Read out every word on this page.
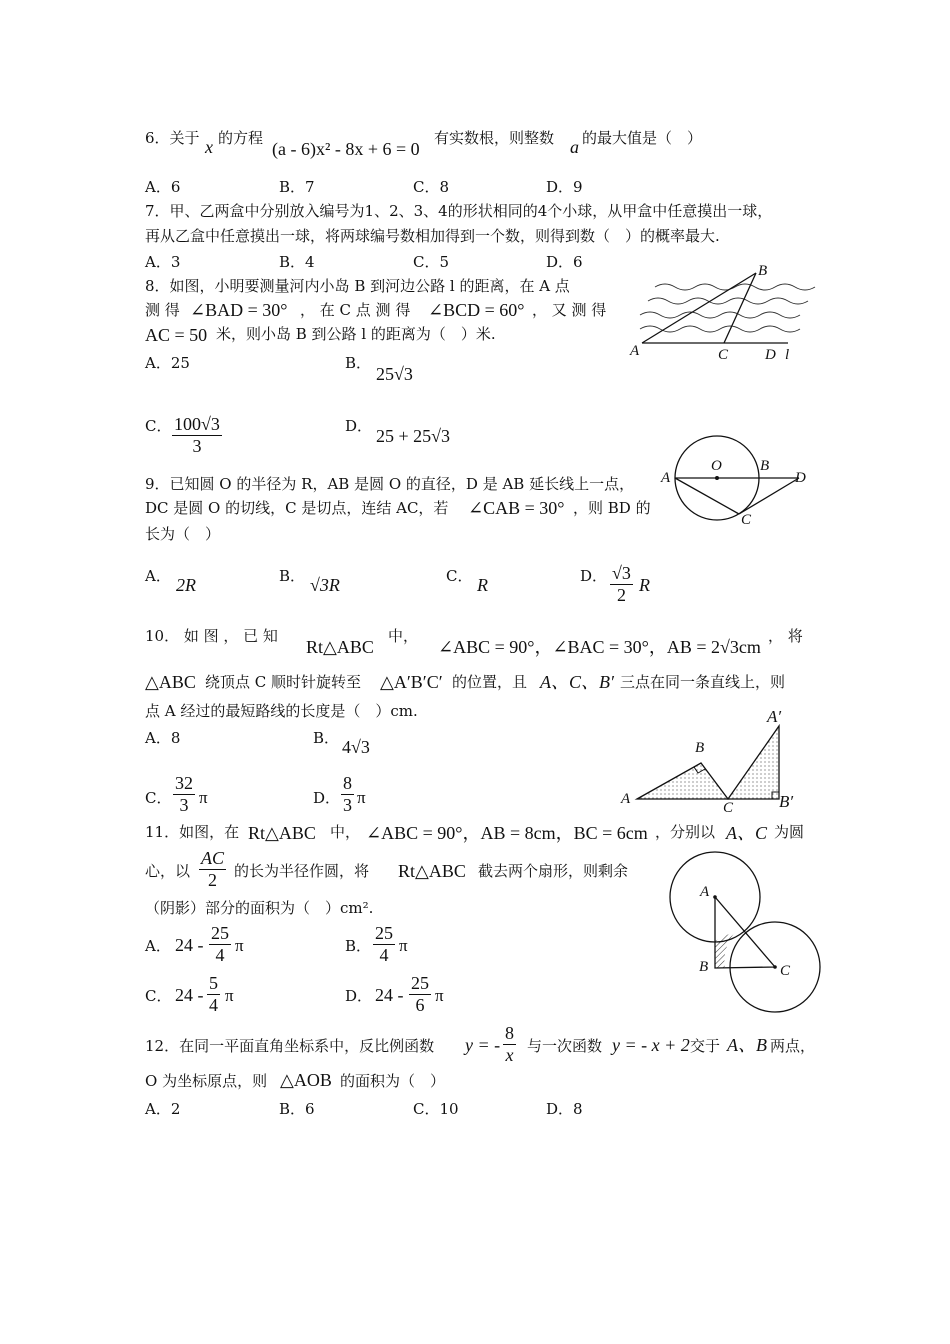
6．关于 x 的方程
(a - 6)x² - 8x + 6 = 0
有实数根，则整数 a 的最大值是（　）
A．6	B．7	C．8	D．9
7．甲、乙两盒中分别放入编号为1、2、3、4的形状相同的4个小球，从甲盒中任意摸出一球，
再从乙盒中任意摸出一球，将两球编号数相加得到一个数，则得到数（　）的概率最大.
A．3	B．4	C．5	D．6
8．如图，小明要测量河内小岛 B 到河边公路 l 的距离，在 A 点
测 得 ∠BAD = 30° ， 在 C 点 测 得 ∠BCD = 60° ， 又 测 得
AC = 50 米，则小岛 B 到公路 l 的距离为（　）米.
A．25	B．
25√3
C． $\frac{100√3}{3}$	D． 25 + 25√3
A
B
C D l
9．已知圆 O 的半径为 R，AB 是圆 O 的直径，D 是 AB 延长线上一点，
DC 是圆 O 的切线，C 是切点，连结 AC，若 ∠CAB = 30° ，则 BD 的
长为（　）
A． 2R	B． √3R	C． R	D． $\frac{√3}{2}$ R
A
O	B
D
C
10． 如 图 ， 已 知
Rt△ABC
中，
∠ABC = 90°，∠BAC = 30°，AB = 2√3cm
， 将
△ABC 绕顶点 C 顺时针旋转至 △A′B′C′ 的位置，且 A、C、B′ 三点在同一条直线上，则
点 A 经过的最短路线的长度是（　）cm.
A．8	B． 4√3
C． $\frac{32}{3}$ π	D． $\frac{8}{3}$ π	A
B
C
A′
B′
11．如图，在 Rt△ABC 中， ∠ABC = 90°，AB = 8cm，BC = 6cm ，分别以 A、C 为圆
心，以 $\frac{AC}{2}$ 的长为半径作圆，将 Rt△ABC 截去两个扇形，则剩余
（阴影）部分的面积为（　）cm².
A． $24 - \frac{25}{4}$ π	B． $\frac{25}{4}$ π
C． $24 - \frac{5}{4}$ π	D． $24 - \frac{25}{6}$ π
A
B	C
12．在同一平面直角坐标系中，反比例函数 y = - $\frac{8}{x}$ 与一次函数 y = - x + 2 交于 A、B 两点，
O 为坐标原点，则 △AOB 的面积为（　）
A．2	B．6	C．10	D．8
